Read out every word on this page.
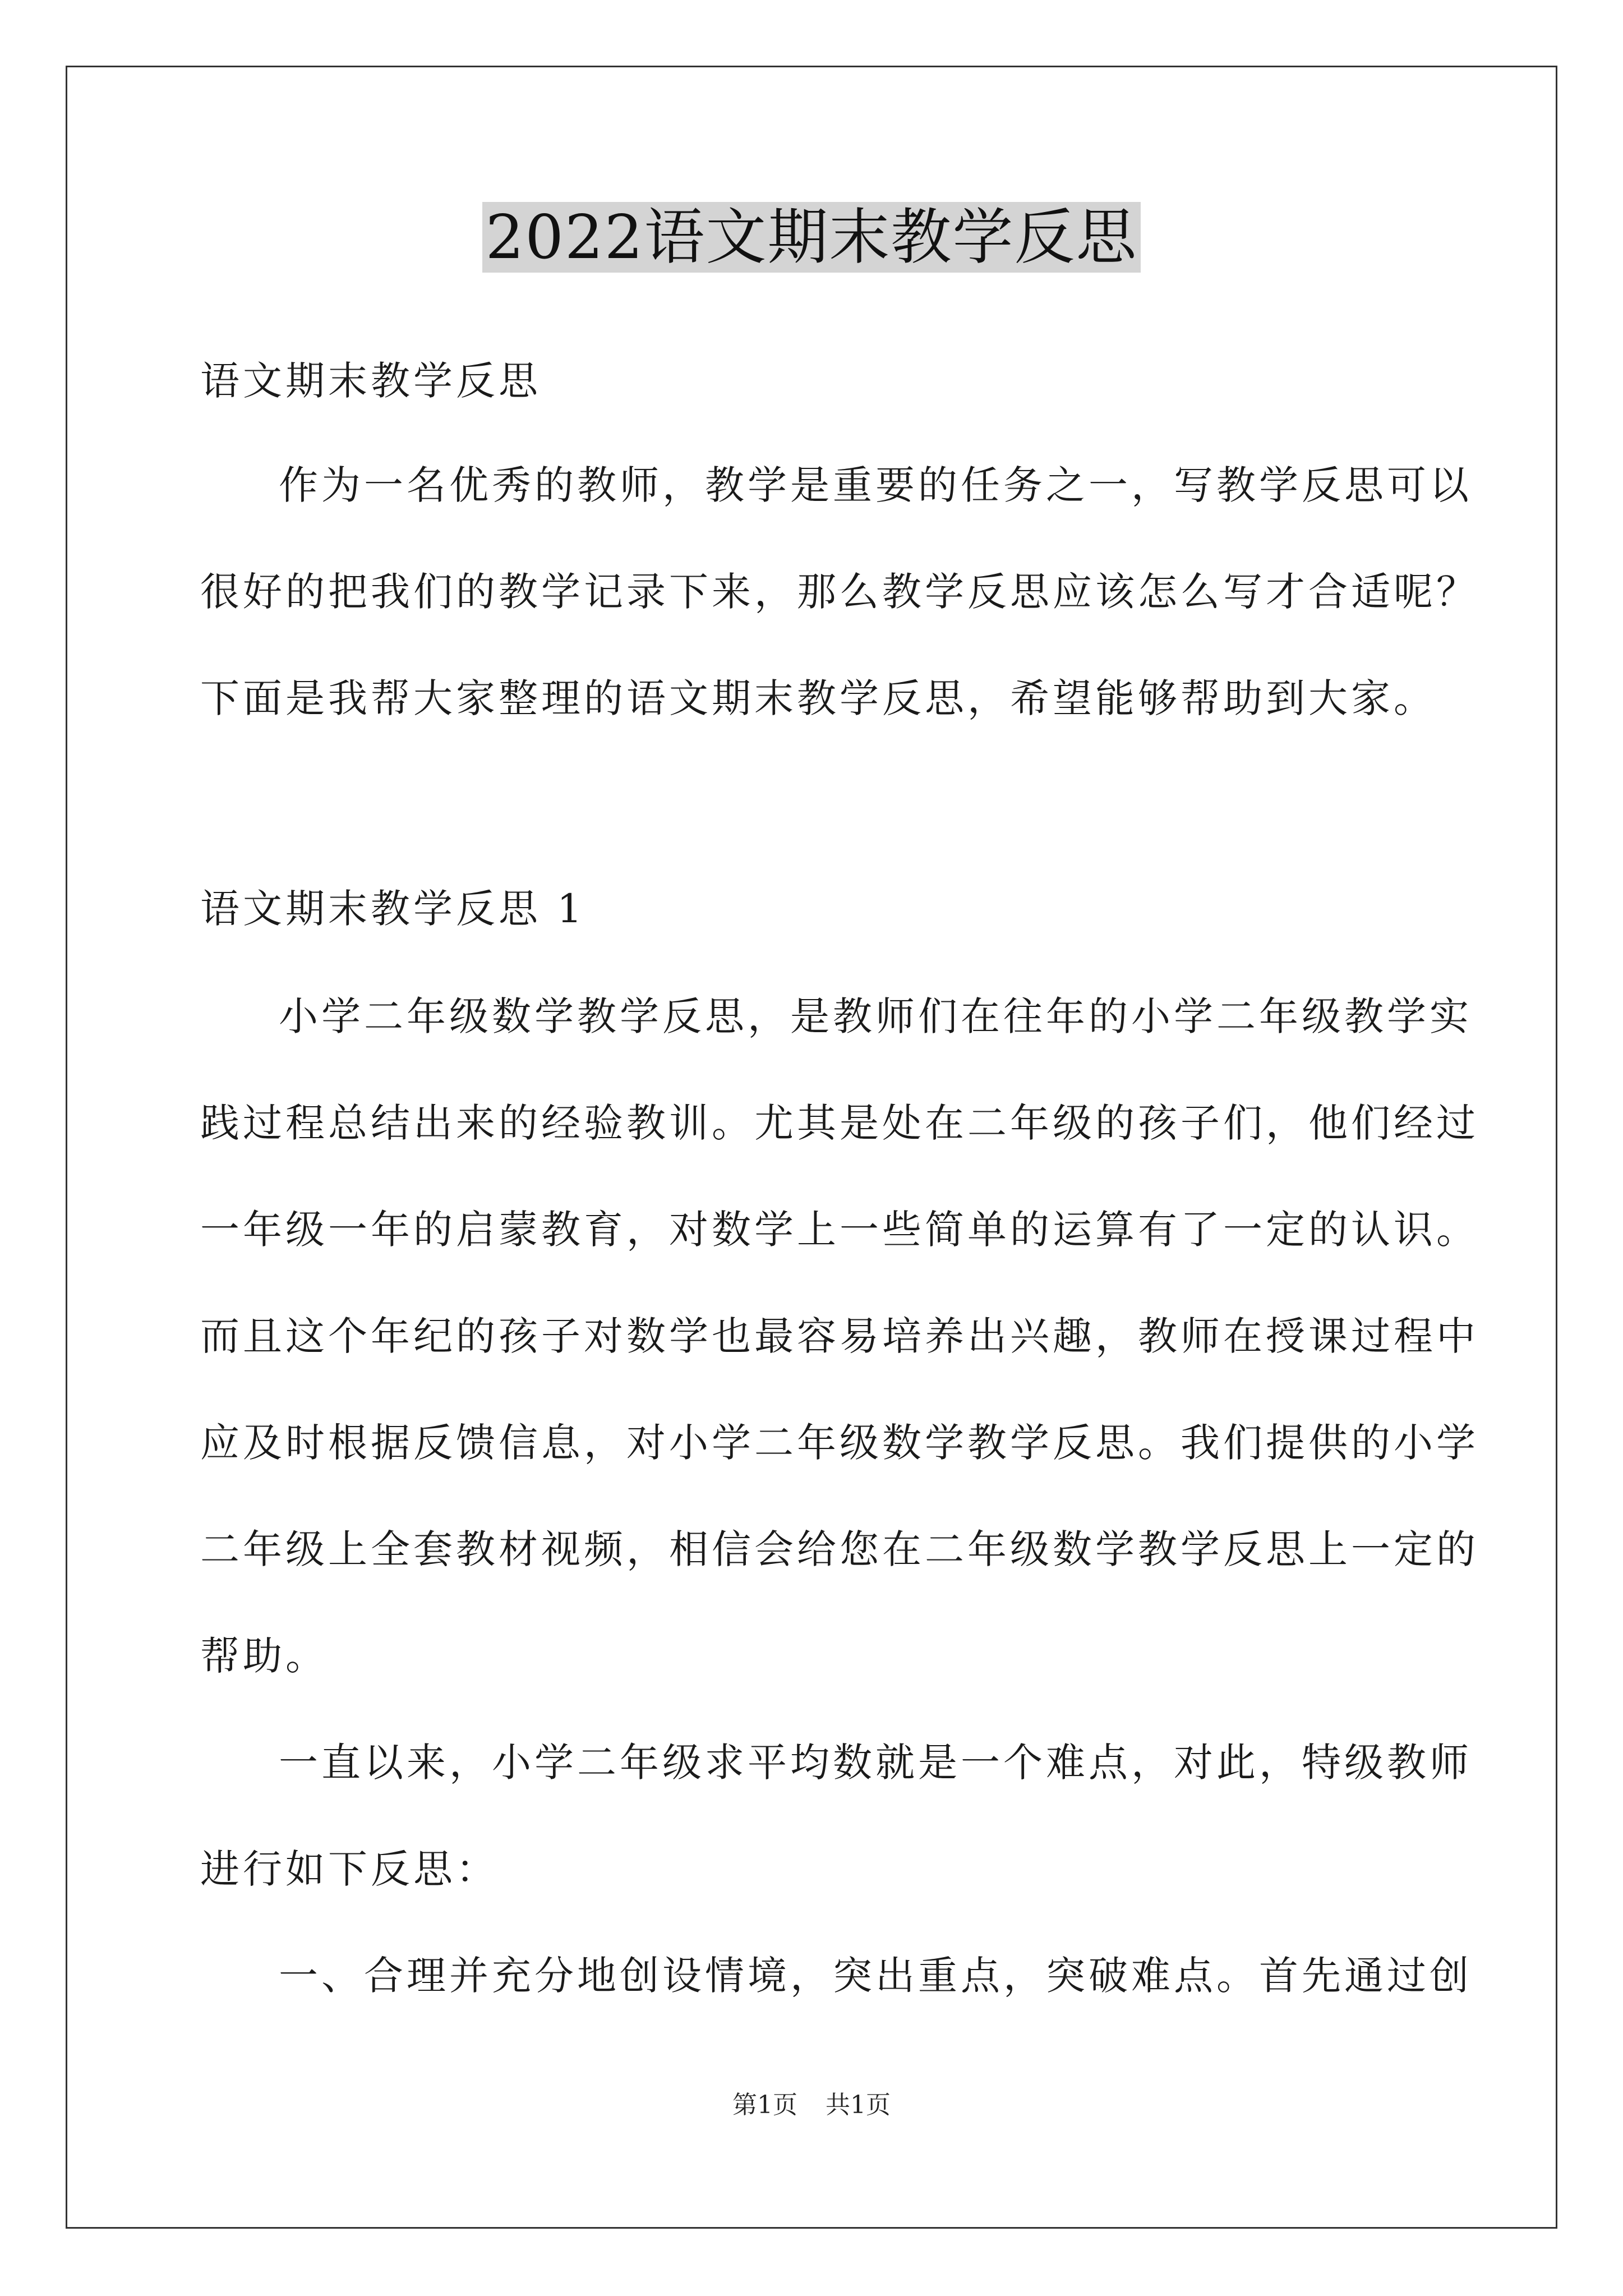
2022语文期末教学反思
语文期末教学反思
作为一名优秀的教师，教学是重要的任务之一，写教学反思可以
很好的把我们的教学记录下来，那么教学反思应该怎么写才合适呢？
下面是我帮大家整理的语文期末教学反思，希望能够帮助到大家。
语文期末教学反思 1
小学二年级数学教学反思，是教师们在往年的小学二年级教学实
践过程总结出来的经验教训。尤其是处在二年级的孩子们，他们经过
一年级一年的启蒙教育，对数学上一些简单的运算有了一定的认识。
而且这个年纪的孩子对数学也最容易培养出兴趣，教师在授课过程中
应及时根据反馈信息，对小学二年级数学教学反思。我们提供的小学
二年级上全套教材视频，相信会给您在二年级数学教学反思上一定的
帮助。
一直以来，小学二年级求平均数就是一个难点，对此，特级教师
进行如下反思：
一、合理并充分地创设情境，突出重点，突破难点。首先通过创
第1页 共1页
